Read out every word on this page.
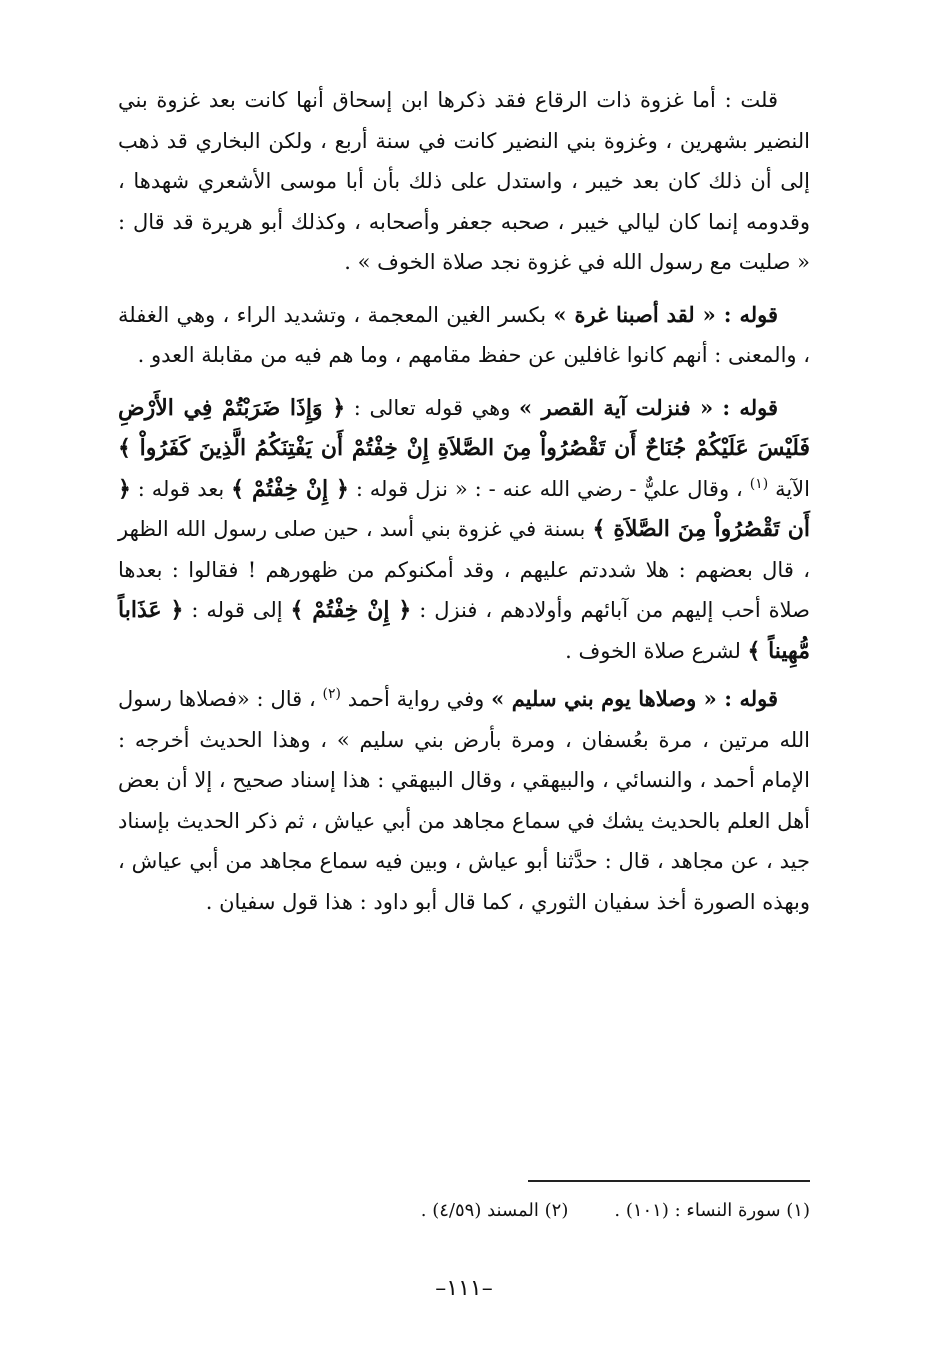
قلت : أما غزوة ذات الرقاع فقد ذكرها ابن إسحاق أنها كانت بعد غزوة بني النضير بشهرين ، وغزوة بني النضير كانت في سنة أربع ، ولكن البخاري قد ذهب إلى أن ذلك كان بعد خيبر ، واستدل على ذلك بأن أبا موسى الأشعري شهدها ، وقدومه إنما كان ليالي خيبر ، صحبه جعفر وأصحابه ، وكذلك أبو هريرة قد قال : « صليت مع رسول الله في غزوة نجد صلاة الخوف » .

قوله : « لقد أصبنا غرة » بكسر الغين المعجمة ، وتشديد الراء ، وهي الغفلة ، والمعنى : أنهم كانوا غافلين عن حفظ مقامهم ، وما هم فيه من مقابلة العدو .

قوله : « فنزلت آية القصر » وهي قوله تعالى : ﴿ وَإِذَا ضَرَبْتُمْ فِي الأَرْضِ فَلَيْسَ عَلَيْكُمْ جُنَاحٌ أَن تَقْصُرُواْ مِنَ الصَّلاَةِ إِنْ خِفْتُمْ أَن يَفْتِنَكُمُ الَّذِينَ كَفَرُواْ ﴾ الآية $^{(١)}$ ، وقال عليٌّ - رضي الله عنه - : « نزل قوله : ﴿ إِنْ خِفْتُمْ ﴾ بعد قوله : ﴿ أَن تَقْصُرُواْ مِنَ الصَّلاَةِ ﴾ بسنة في غزوة بني أسد ، حين صلى رسول الله الظهر ، قال بعضهم : هلا شددتم عليهم ، وقد أمكنوكم من ظهورهم ! فقالوا : بعدها صلاة أحب إليهم من آبائهم وأولادهم ، فنزل : ﴿ إِنْ خِفْتُمْ ﴾ إلى قوله : ﴿ عَذَاباً مُّهِيناً ﴾ لشرع صلاة الخوف .

قوله : « وصلاها يوم بني سليم » وفي رواية أحمد $^{(٢)}$ ، قال : «فصلاها رسول الله مرتين ، مرة بعُسفان ، ومرة بأرض بني سليم » ، وهذا الحديث أخرجه : الإمام أحمد ، والنسائي ، والبيهقي ، وقال البيهقي : هذا إسناد صحيح ، إلا أن بعض أهل العلم بالحديث يشك في سماع مجاهد من أبي عياش ، ثم ذكر الحديث بإسناد جيد ، عن مجاهد ، قال : حدَّثنا أبو عياش ، وبين فيه سماع مجاهد من أبي عياش ، وبهذه الصورة أخذ سفيان الثوري ، كما قال أبو داود : هذا قول سفيان .

(١) سورة النساء : (١٠١) .
(٢) المسند (٤/٥٩) .
–١١١–
